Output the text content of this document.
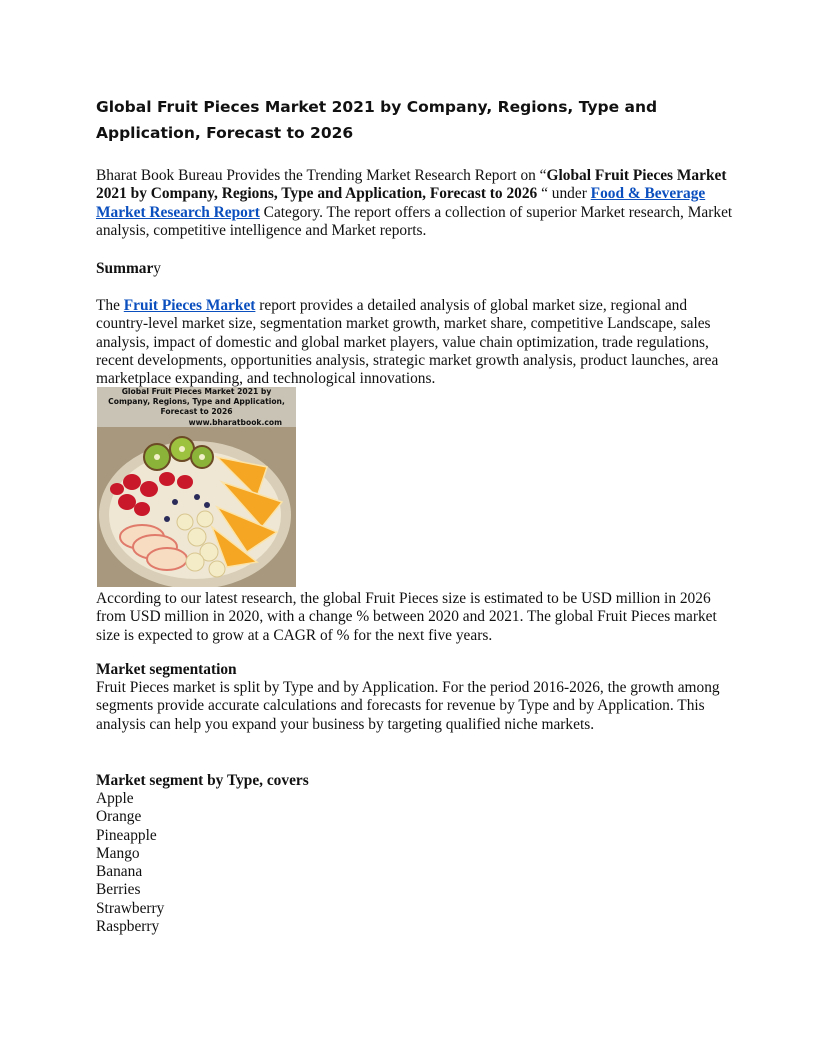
Global Fruit Pieces Market 2021 by Company, Regions, Type and Application, Forecast to 2026
Bharat Book Bureau Provides the Trending Market Research Report on “Global Fruit Pieces Market 2021 by Company, Regions, Type and Application, Forecast to 2026 “ under Food & Beverage Market Research Report Category. The report offers a collection of superior Market research, Market analysis, competitive intelligence and Market reports.
Summary
The Fruit Pieces Market report provides a detailed analysis of global market size, regional and country-level market size, segmentation market growth, market share, competitive Landscape, sales analysis, impact of domestic and global market players, value chain optimization, trade regulations, recent developments, opportunities analysis, strategic market growth analysis, product launches, area marketplace expanding, and technological innovations.
Global Fruit Pieces Market 2021 by
Company, Regions, Type and Application,
Forecast to 2026
www.bharatbook.com
According to our latest research, the global Fruit Pieces size is estimated to be USD million in 2026 from USD million in 2020, with a change % between 2020 and 2021. The global Fruit Pieces market size is expected to grow at a CAGR of % for the next five years.
Market segmentation
Fruit Pieces market is split by Type and by Application. For the period 2016-2026, the growth among segments provide accurate calculations and forecasts for revenue by Type and by Application. This analysis can help you expand your business by targeting qualified niche markets.
Market segment by Type, covers
Apple
Orange
Pineapple
Mango
Banana
Berries
Strawberry
Raspberry
